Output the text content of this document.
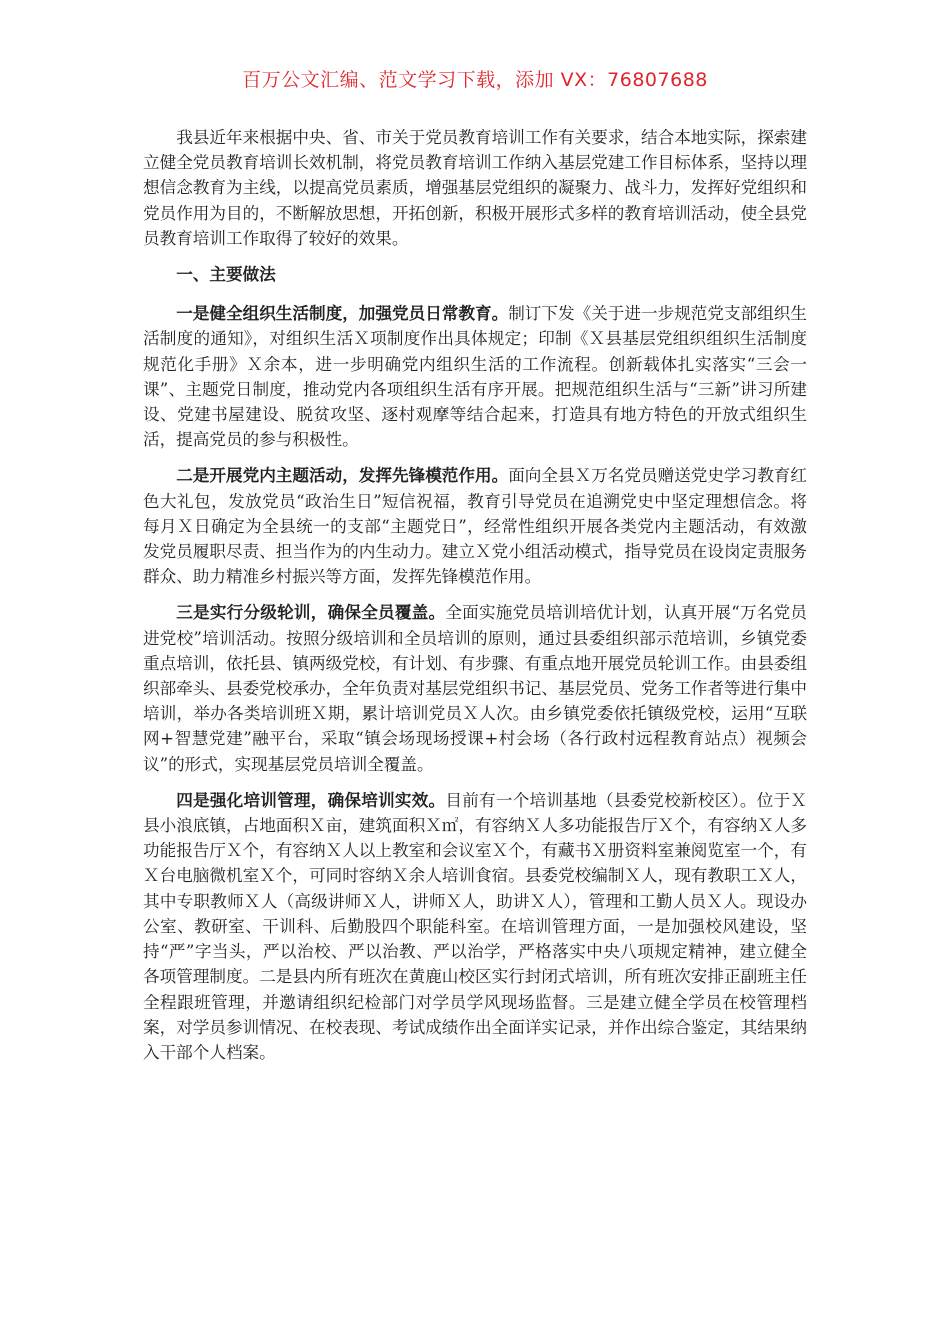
百万公文汇编、范文学习下载，添加 VX：76807688

我县近年来根据中央、省、市关于党员教育培训工作有关要求，结合本地实际，探索建立健全党员教育培训长效机制，将党员教育培训工作纳入基层党建工作目标体系，坚持以理想信念教育为主线，以提高党员素质，增强基层党组织的凝聚力、战斗力，发挥好党组织和党员作用为目的，不断解放思想，开拓创新，积极开展形式多样的教育培训活动，使全县党员教育培训工作取得了较好的效果。

一、主要做法

一是健全组织生活制度，加强党员日常教育。制订下发《关于进一步规范党支部组织生活制度的通知》，对组织生活Ｘ项制度作出具体规定；印制《Ｘ县基层党组织组织生活制度规范化手册》Ｘ余本，进一步明确党内组织生活的工作流程。创新载体扎实落实“三会一课”、主题党日制度，推动党内各项组织生活有序开展。把规范组织生活与“三新”讲习所建设、党建书屋建设、脱贫攻坚、逐村观摩等结合起来，打造具有地方特色的开放式组织生活，提高党员的参与积极性。

二是开展党内主题活动，发挥先锋模范作用。面向全县Ｘ万名党员赠送党史学习教育红色大礼包，发放党员“政治生日”短信祝福，教育引导党员在追溯党史中坚定理想信念。将每月Ｘ日确定为全县统一的支部“主题党日”，经常性组织开展各类党内主题活动，有效激发党员履职尽责、担当作为的内生动力。建立Ｘ党小组活动模式，指导党员在设岗定责服务群众、助力精准乡村振兴等方面，发挥先锋模范作用。

三是实行分级轮训，确保全员覆盖。全面实施党员培训培优计划，认真开展“万名党员进党校”培训活动。按照分级培训和全员培训的原则，通过县委组织部示范培训，乡镇党委重点培训，依托县、镇两级党校，有计划、有步骤、有重点地开展党员轮训工作。由县委组织部牵头、县委党校承办，全年负责对基层党组织书记、基层党员、党务工作者等进行集中培训，举办各类培训班Ｘ期，累计培训党员Ｘ人次。由乡镇党委依托镇级党校，运用“互联网+智慧党建”融平台，采取“镇会场现场授课+村会场（各行政村远程教育站点）视频会议”的形式，实现基层党员培训全覆盖。

四是强化培训管理，确保培训实效。目前有一个培训基地（县委党校新校区）。位于Ｘ县小浪底镇，占地面积Ｘ亩，建筑面积Ｘ㎡，有容纳Ｘ人多功能报告厅Ｘ个，有容纳Ｘ人多功能报告厅Ｘ个，有容纳Ｘ人以上教室和会议室Ｘ个，有藏书Ｘ册资料室兼阅览室一个，有Ｘ台电脑微机室Ｘ个，可同时容纳Ｘ余人培训食宿。县委党校编制Ｘ人，现有教职工Ｘ人，其中专职教师Ｘ人（高级讲师Ｘ人，讲师Ｘ人，助讲Ｘ人），管理和工勤人员Ｘ人。现设办公室、教研室、干训科、后勤股四个职能科室。在培训管理方面，一是加强校风建设，坚持“严”字当头，严以治校、严以治教、严以治学，严格落实中央八项规定精神，建立健全各项管理制度。二是县内所有班次在黄鹿山校区实行封闭式培训，所有班次安排正副班主任全程跟班管理，并邀请组织纪检部门对学员学风现场监督。三是建立健全学员在校管理档案，对学员参训情况、在校表现、考试成绩作出全面详实记录，并作出综合鉴定，其结果纳入干部个人档案。
